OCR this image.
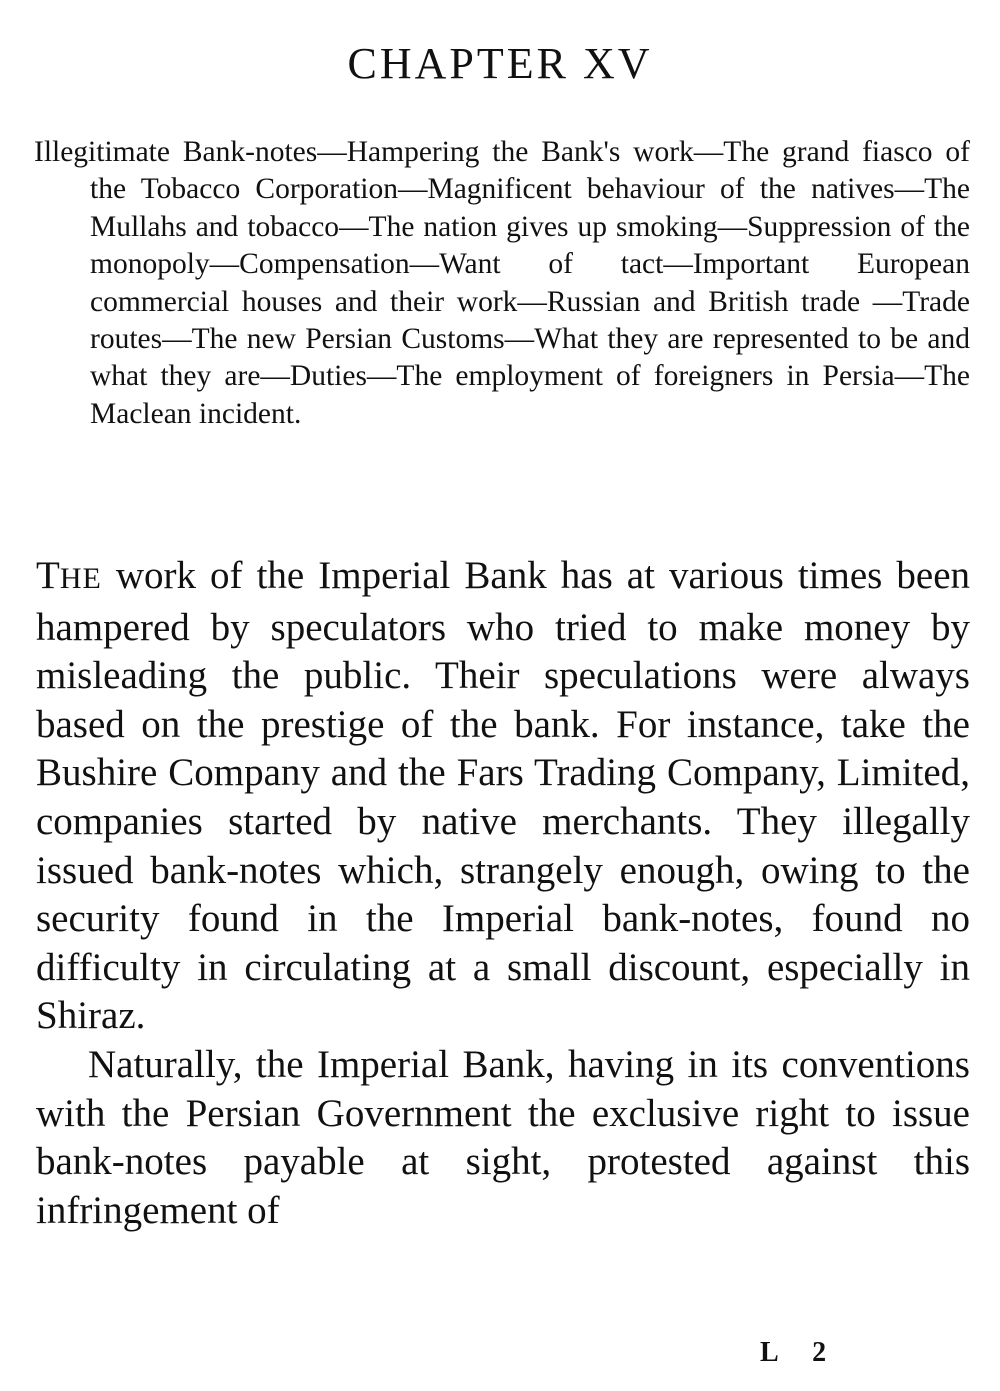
CHAPTER XV

Illegitimate Bank-notes—Hampering the Bank's work—The grand fiasco of the Tobacco Corporation—Magnificent behaviour of the natives—The Mullahs and tobacco—The nation gives up smoking—Suppression of the monopoly—Compensation—Want of tact—Important European commercial houses and their work—Russian and British trade —Trade routes—The new Persian Customs—What they are represented to be and what they are—Duties—The employment of foreigners in Persia—The Maclean incident.

THE work of the Imperial Bank has at various times been hampered by speculators who tried to make money by misleading the public. Their speculations were always based on the prestige of the bank. For instance, take the Bushire Company and the Fars Trading Company, Limited, companies started by native merchants. They illegally issued bank-notes which, strangely enough, owing to the security found in the Imperial bank-notes, found no difficulty in circulating at a small discount, especially in Shiraz.

Naturally, the Imperial Bank, having in its conventions with the Persian Government the exclusive right to issue bank-notes payable at sight, protested against this infringement of

L 2
